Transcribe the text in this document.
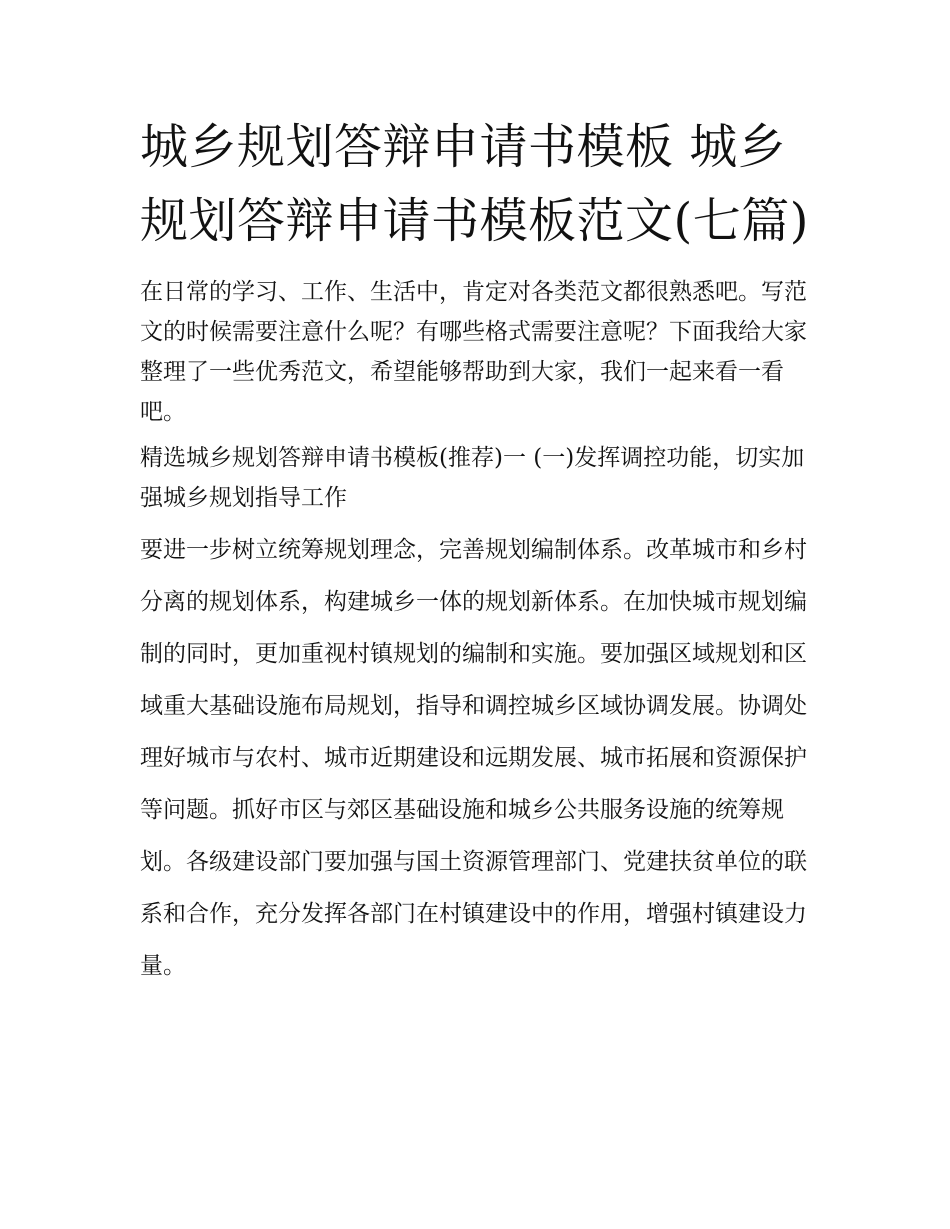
城乡规划答辩申请书模板 城乡规划答辩申请书模板范文(七篇)

在日常的学习、工作、生活中，肯定对各类范文都很熟悉吧。写范文的时候需要注意什么呢？有哪些格式需要注意呢？下面我给大家整理了一些优秀范文，希望能够帮助到大家，我们一起来看一看吧。

精选城乡规划答辩申请书模板(推荐)一 (一)发挥调控功能，切实加强城乡规划指导工作

要进一步树立统筹规划理念，完善规划编制体系。改革城市和乡村分离的规划体系，构建城乡一体的规划新体系。在加快城市规划编制的同时，更加重视村镇规划的编制和实施。要加强区域规划和区域重大基础设施布局规划，指导和调控城乡区域协调发展。协调处理好城市与农村、城市近期建设和远期发展、城市拓展和资源保护等问题。抓好市区与郊区基础设施和城乡公共服务设施的统筹规划。各级建设部门要加强与国土资源管理部门、党建扶贫单位的联系和合作，充分发挥各部门在村镇建设中的作用，增强村镇建设力量。
